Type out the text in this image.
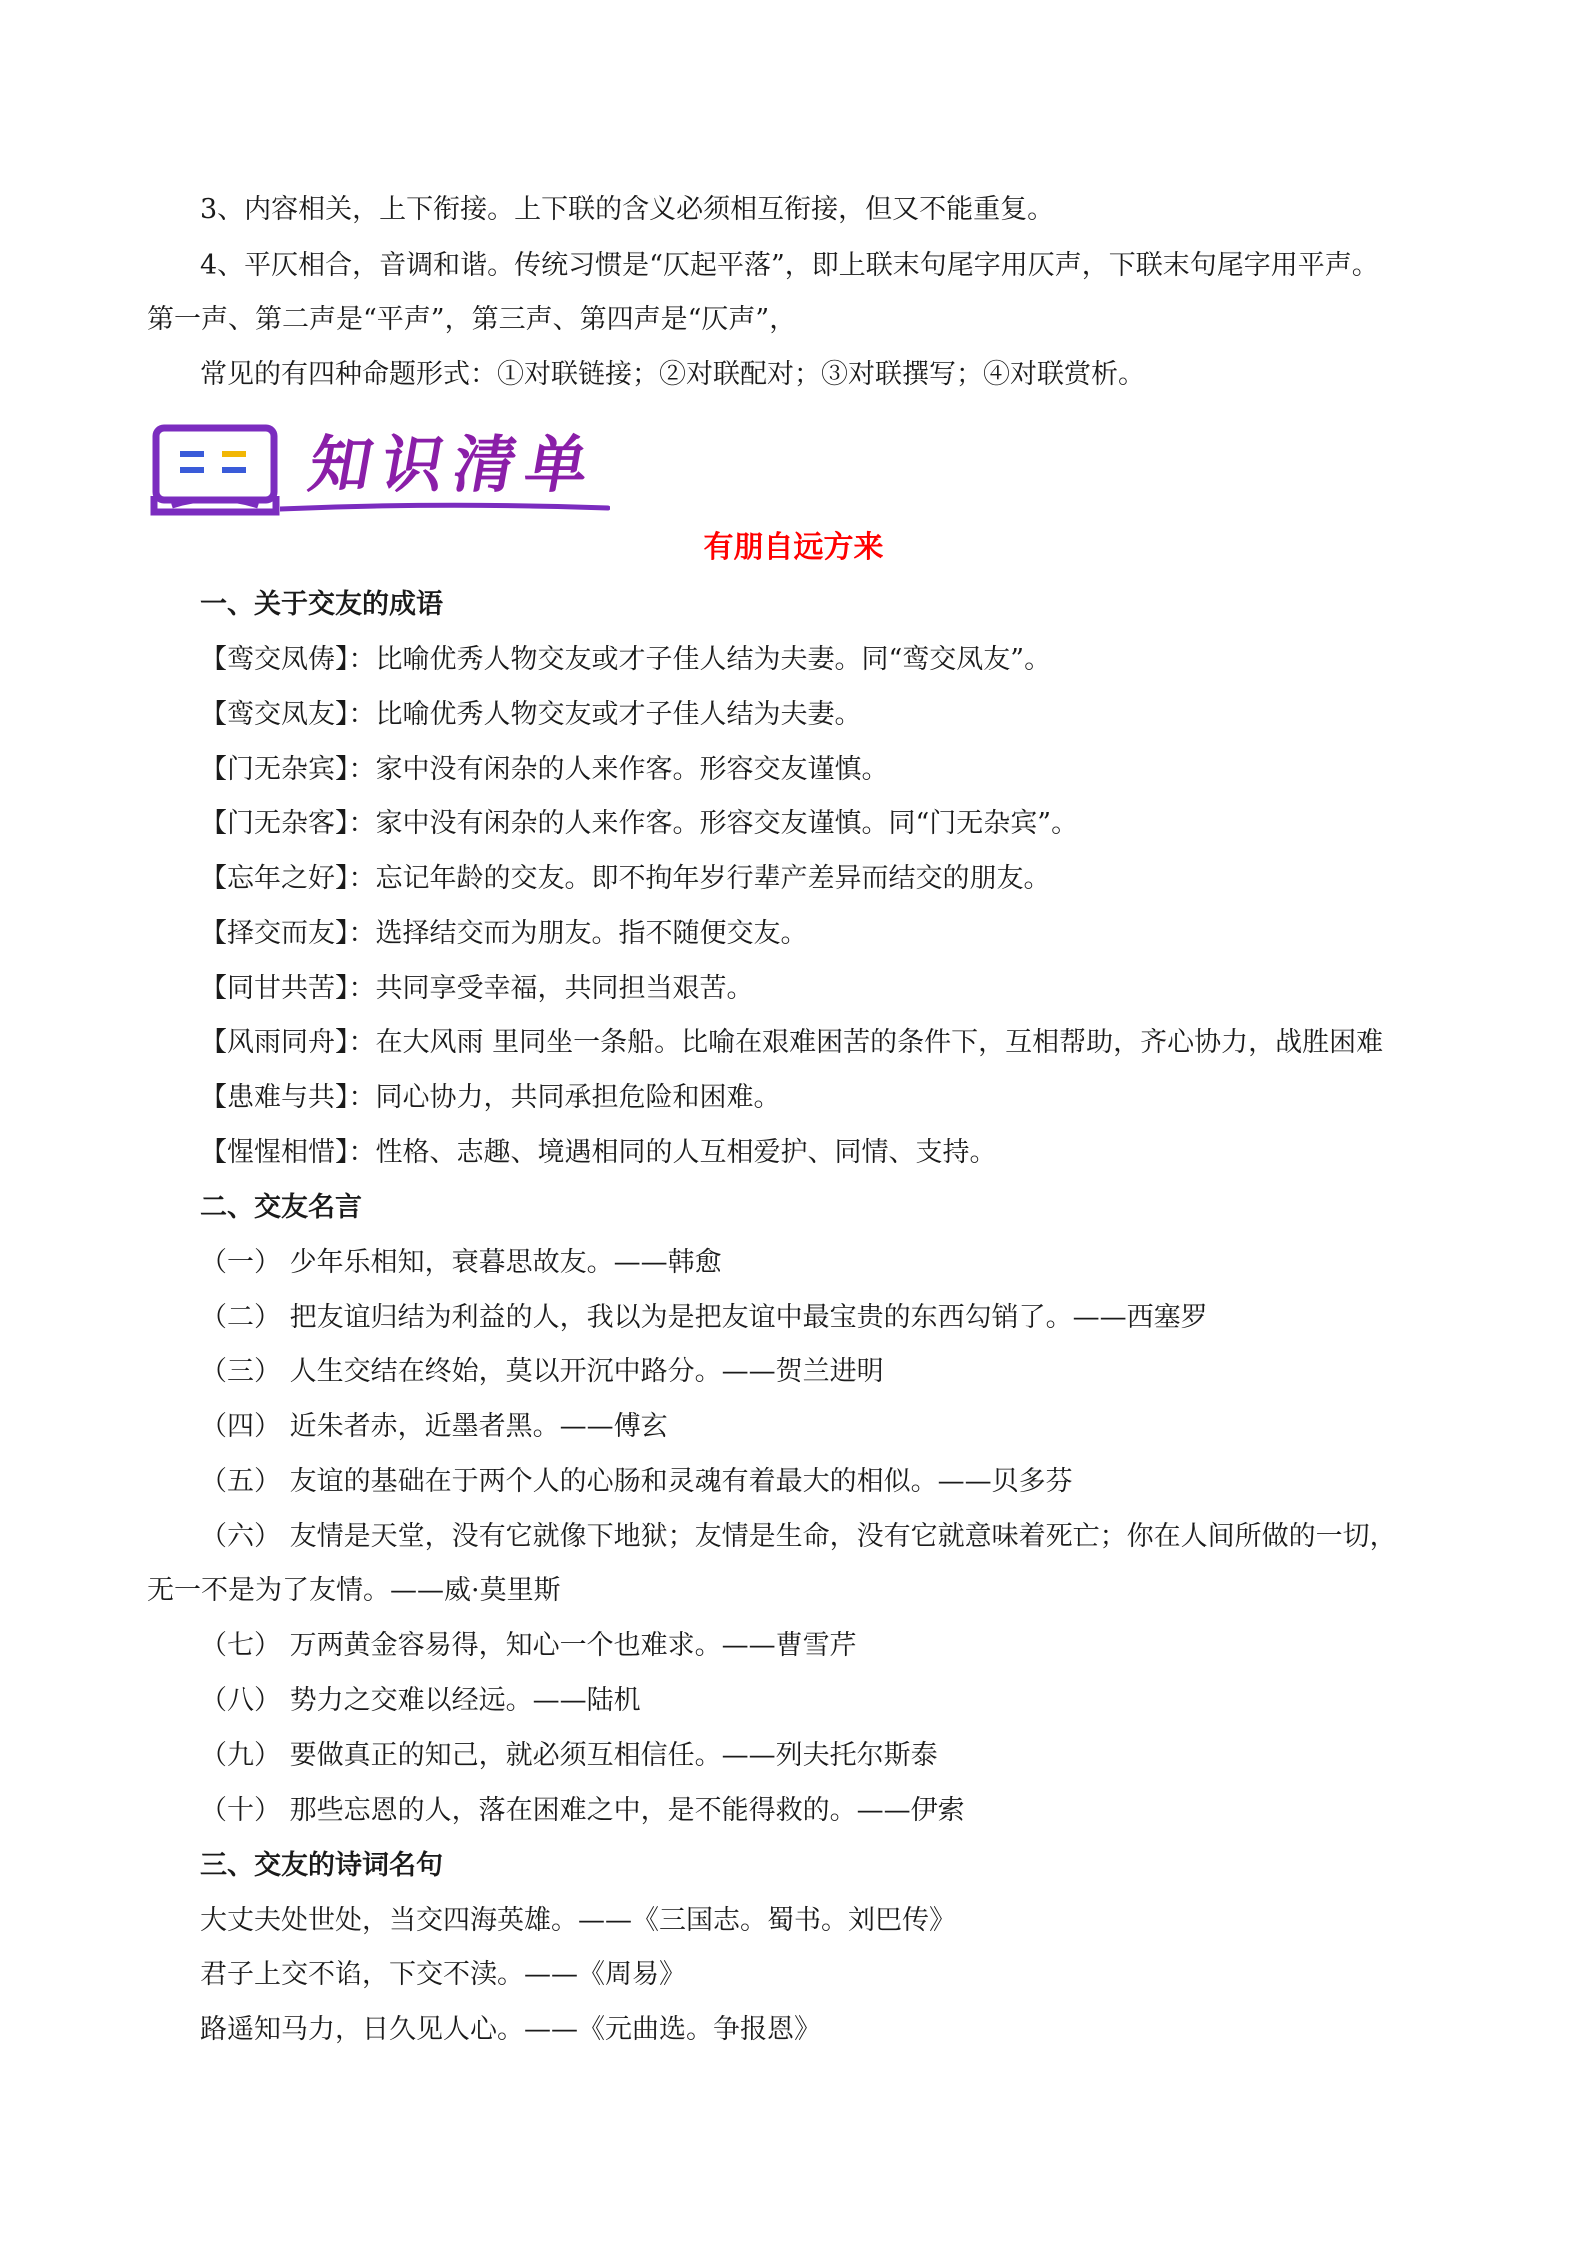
3、内容相关，上下衔接。上下联的含义必须相互衔接，但又不能重复。
4、平仄相合，音调和谐。传统习惯是“仄起平落”，即上联末句尾字用仄声，下联末句尾字用平声。
第一声、第二声是“平声”，第三声、第四声是“仄声”，
常见的有四种命题形式：①对联链接；②对联配对；③对联撰写；④对联赏析。
知识清单
有朋自远方来
一、关于交友的成语
【鸾交凤俦】：比喻优秀人物交友或才子佳人结为夫妻。同“鸾交凤友”。
【鸾交凤友】：比喻优秀人物交友或才子佳人结为夫妻。
【门无杂宾】：家中没有闲杂的人来作客。形容交友谨慎。
【门无杂客】：家中没有闲杂的人来作客。形容交友谨慎。同“门无杂宾”。
【忘年之好】：忘记年龄的交友。即不拘年岁行辈产差异而结交的朋友。
【择交而友】：选择结交而为朋友。指不随便交友。
【同甘共苦】：共同享受幸福，共同担当艰苦。
【风雨同舟】：在大风雨 里同坐一条船。比喻在艰难困苦的条件下，互相帮助，齐心协力，战胜困难
【患难与共】：同心协力，共同承担危险和困难。
【惺惺相惜】：性格、志趣、境遇相同的人互相爱护、同情、支持。
二、交友名言
（一） 少年乐相知，衰暮思故友。——韩愈
（二） 把友谊归结为利益的人，我以为是把友谊中最宝贵的东西勾销了。——西塞罗
（三） 人生交结在终始，莫以开沉中路分。——贺兰进明
（四） 近朱者赤，近墨者黑。——傅玄
（五） 友谊的基础在于两个人的心肠和灵魂有着最大的相似。——贝多芬
（六） 友情是天堂，没有它就像下地狱；友情是生命，没有它就意味着死亡；你在人间所做的一切，
无一不是为了友情。——威·莫里斯
（七） 万两黄金容易得，知心一个也难求。——曹雪芹
（八） 势力之交难以经远。——陆机
（九） 要做真正的知己，就必须互相信任。——列夫托尔斯泰
（十） 那些忘恩的人，落在困难之中，是不能得救的。——伊索
三、交友的诗词名句
大丈夫处世处，当交四海英雄。——《三国志。蜀书。刘巴传》
君子上交不谄，下交不渎。——《周易》
路遥知马力，日久见人心。——《元曲选。争报恩》
